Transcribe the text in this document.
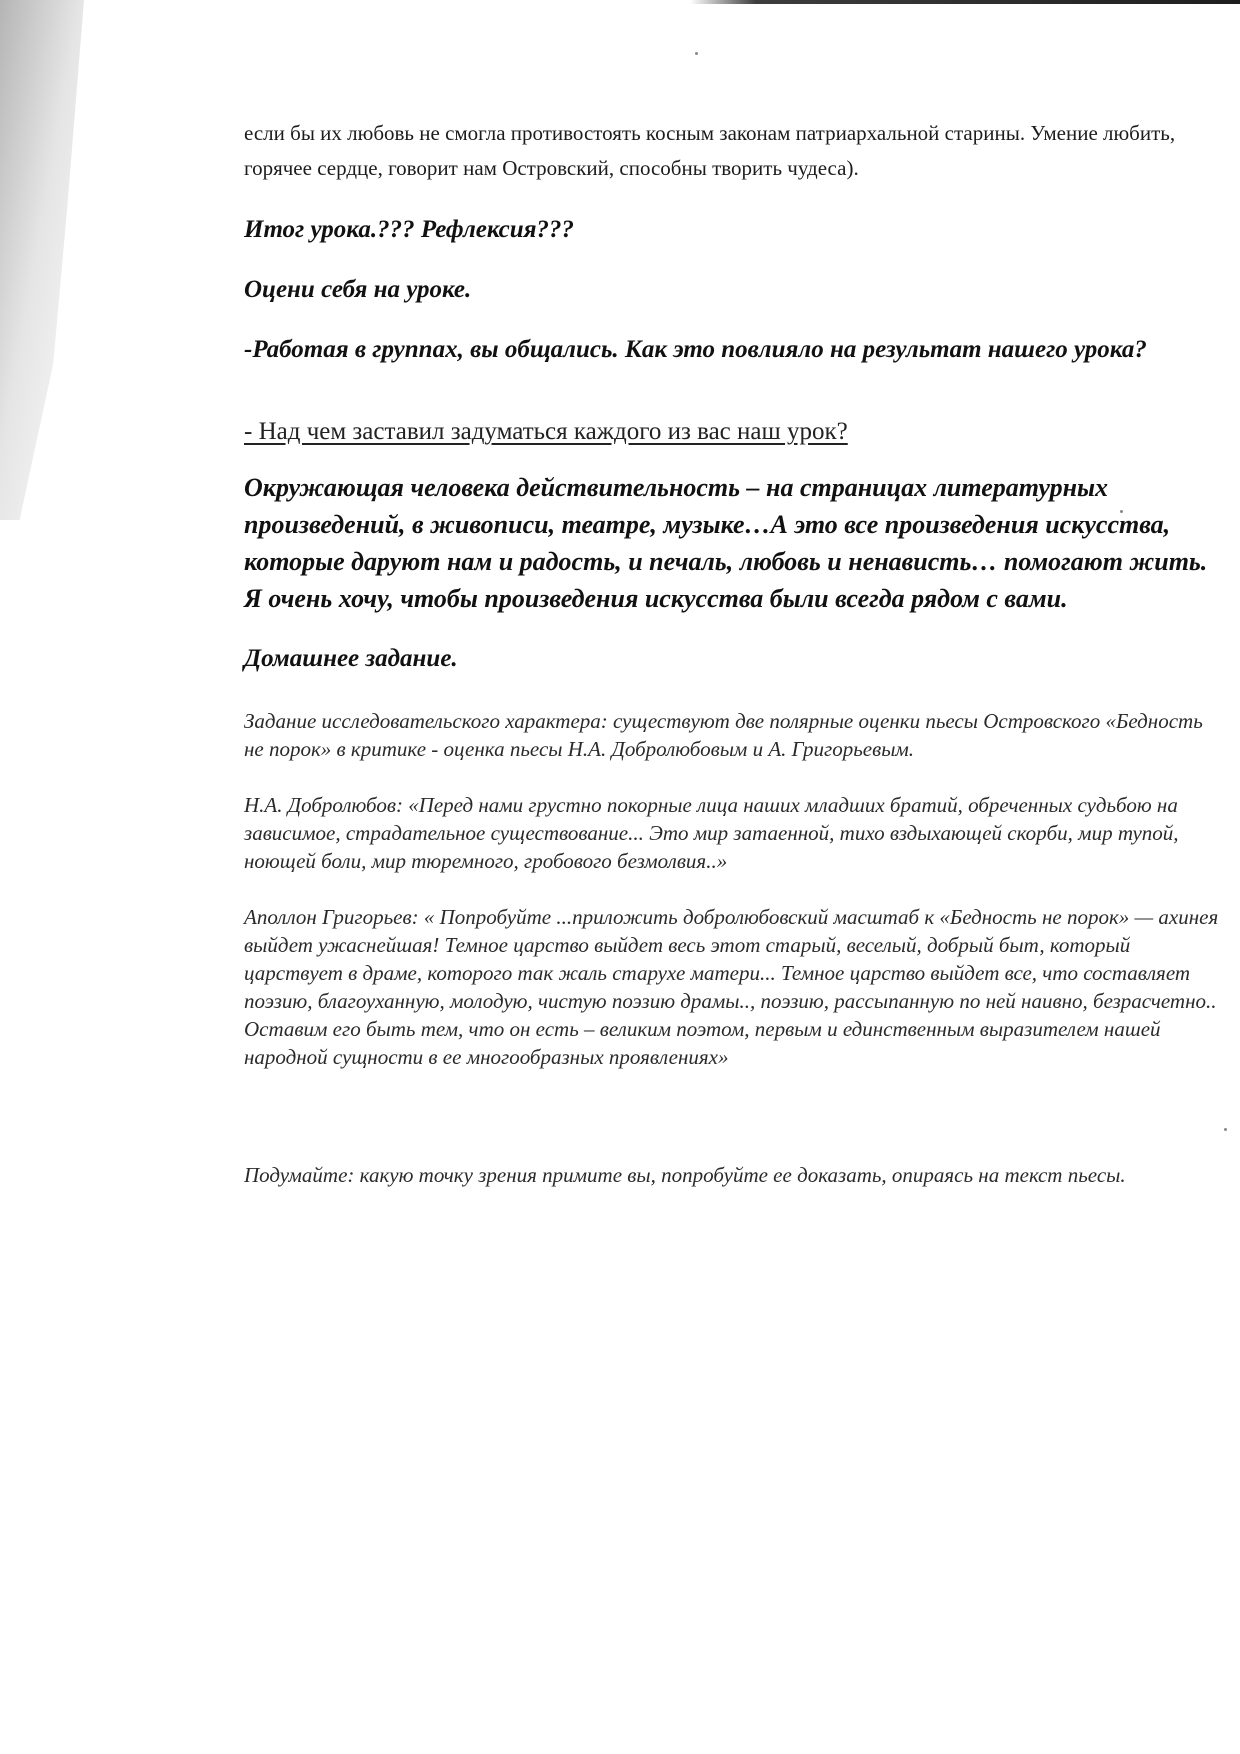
если бы их любовь не смогла противостоять косным законам патриархальной старины. Умение любить, горячее сердце, говорит нам Островский, способны творить чудеса).

Итог урока.??? Рефлексия???

Оцени себя на уроке.

-Работая в группах, вы общались. Как это повлияло на результат нашего урока?

- Над чем заставил задуматься каждого из вас наш урок?

Окружающая человека действительность – на страницах литературных произведений, в живописи, театре, музыке…А это все произведения искусства, которые даруют нам и радость, и печаль, любовь и ненависть… помогают жить. Я очень хочу, чтобы произведения искусства были всегда рядом с вами.

Домашнее задание.

Задание исследовательского характера: существуют две полярные оценки пьесы Островского «Бедность не порок» в критике - оценка пьесы Н.А. Добролюбовым и А. Григорьевым.

Н.А. Добролюбов: «Перед нами грустно покорные лица наших младших братий, обреченных судьбою на зависимое, страдательное существование... Это мир затаенной, тихо вздыхающей скорби, мир тупой, ноющей боли, мир тюремного, гробового безмолвия..»

Аполлон Григорьев: « Попробуйте ...приложить добролюбовский масштаб к «Бедность не порок» — ахинея выйдет ужаснейшая! Темное царство выйдет весь этот старый, веселый, добрый быт, который царствует в драме, которого так жаль старухе матери... Темное царство выйдет все, что составляет поэзию, благоуханную, молодую, чистую поэзию драмы.., поэзию, рассыпанную по ней наивно, безрасчетно.. Оставим его быть тем, что он есть – великим поэтом, первым и единственным выразителем нашей народной сущности в ее многообразных проявлениях»

Подумайте: какую точку зрения примите вы, попробуйте ее доказать, опираясь на текст пьесы.
